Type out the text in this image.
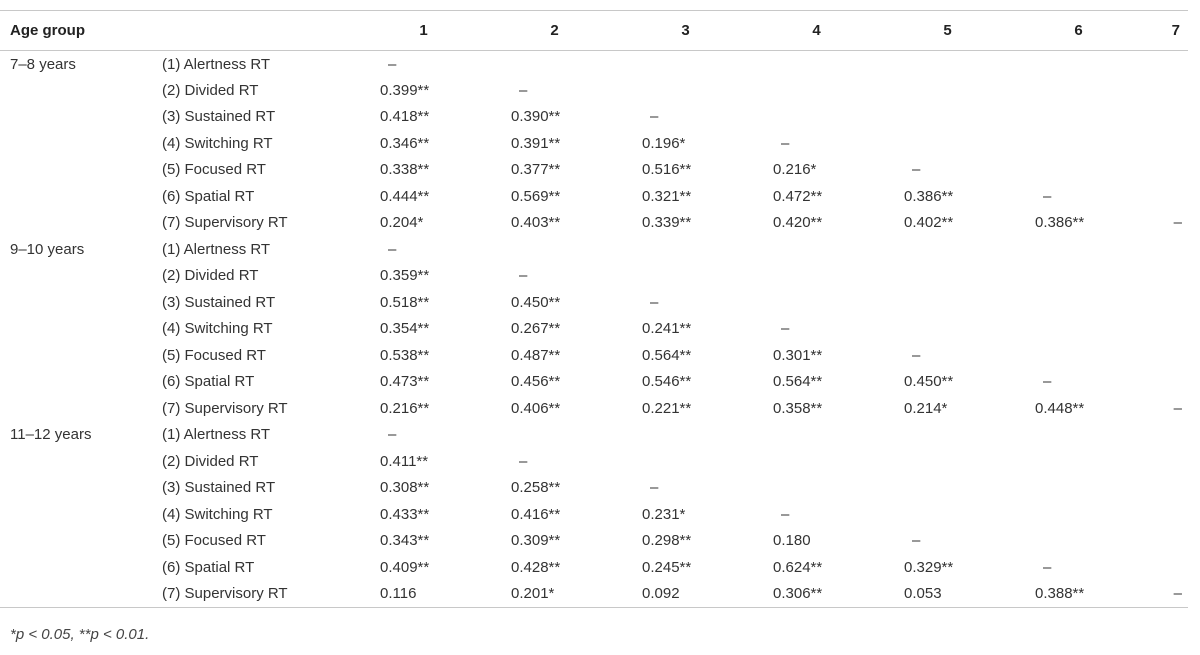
Age group		1	2	3	4	5	6	7
7–8 years	(1) Alertness RT	–						
	(2) Divided RT	0.399**	–					
	(3) Sustained RT	0.418**	0.390**	–				
	(4) Switching RT	0.346**	0.391**	0.196*	–			
	(5) Focused RT	0.338**	0.377**	0.516**	0.216*	–		
	(6) Spatial RT	0.444**	0.569**	0.321**	0.472**	0.386**	–	
	(7) Supervisory RT	0.204*	0.403**	0.339**	0.420**	0.402**	0.386**	–
9–10 years	(1) Alertness RT	–						
	(2) Divided RT	0.359**	–					
	(3) Sustained RT	0.518**	0.450**	–				
	(4) Switching RT	0.354**	0.267**	0.241**	–			
	(5) Focused RT	0.538**	0.487**	0.564**	0.301**	–		
	(6) Spatial RT	0.473**	0.456**	0.546**	0.564**	0.450**	–	
	(7) Supervisory RT	0.216**	0.406**	0.221**	0.358**	0.214*	0.448**	–
11–12 years	(1) Alertness RT	–						
	(2) Divided RT	0.411**	–					
	(3) Sustained RT	0.308**	0.258**	–				
	(4) Switching RT	0.433**	0.416**	0.231*	–			
	(5) Focused RT	0.343**	0.309**	0.298**	0.180	–		
	(6) Spatial RT	0.409**	0.428**	0.245**	0.624**	0.329**	–	
	(7) Supervisory RT	0.116	0.201*	0.092	0.306**	0.053	0.388**	–
*p < 0.05, **p < 0.01.
